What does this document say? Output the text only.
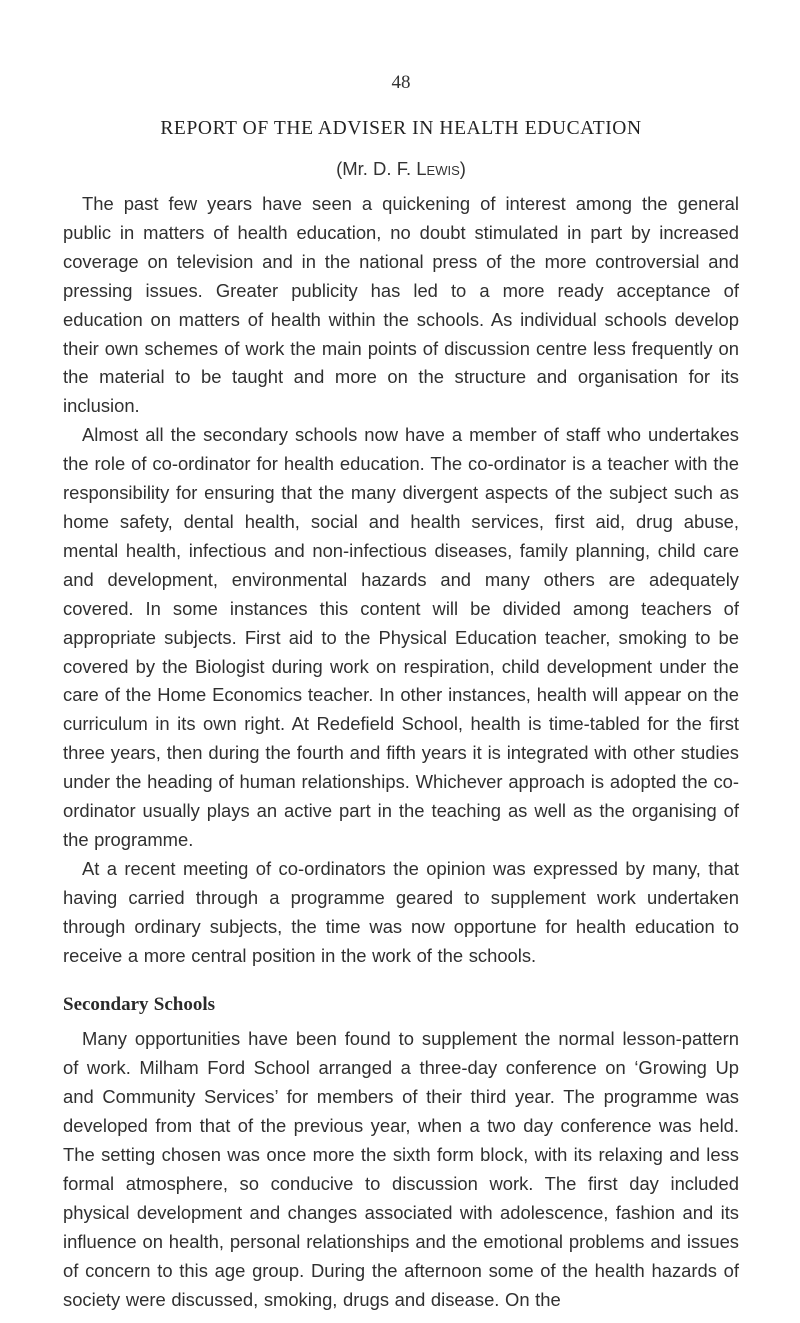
48
REPORT OF THE ADVISER IN HEALTH EDUCATION
(Mr. D. F. Lewis)

The past few years have seen a quickening of interest among the general public in matters of health education, no doubt stimulated in part by increased coverage on television and in the national press of the more controversial and pressing issues. Greater publicity has led to a more ready acceptance of education on matters of health within the schools. As individual schools develop their own schemes of work the main points of discussion centre less frequently on the material to be taught and more on the structure and organisation for its inclusion.

Almost all the secondary schools now have a member of staff who undertakes the role of co-ordinator for health education. The co-ordinator is a teacher with the responsibility for ensuring that the many divergent aspects of the subject such as home safety, dental health, social and health services, first aid, drug abuse, mental health, infectious and non-infectious diseases, family planning, child care and development, environmental hazards and many others are adequately covered. In some instances this content will be divided among teachers of appropriate subjects. First aid to the Physical Education teacher, smoking to be covered by the Biologist during work on respiration, child development under the care of the Home Economics teacher. In other instances, health will appear on the curriculum in its own right. At Redefield School, health is time-tabled for the first three years, then during the fourth and fifth years it is integrated with other studies under the heading of human relationships. Whichever approach is adopted the co-ordinator usually plays an active part in the teaching as well as the organising of the programme.

At a recent meeting of co-ordinators the opinion was expressed by many, that having carried through a programme geared to supplement work undertaken through ordinary subjects, the time was now opportune for health education to receive a more central position in the work of the schools.

Secondary Schools

Many opportunities have been found to supplement the normal lesson-pattern of work. Milham Ford School arranged a three-day conference on ‘Growing Up and Community Services’ for members of their third year. The programme was developed from that of the previous year, when a two day conference was held. The setting chosen was once more the sixth form block, with its relaxing and less formal atmosphere, so conducive to discussion work. The first day included physical development and changes associated with adolescence, fashion and its influence on health, personal relationships and the emotional problems and issues of concern to this age group. During the afternoon some of the health hazards of society were discussed, smoking, drugs and disease. On the
